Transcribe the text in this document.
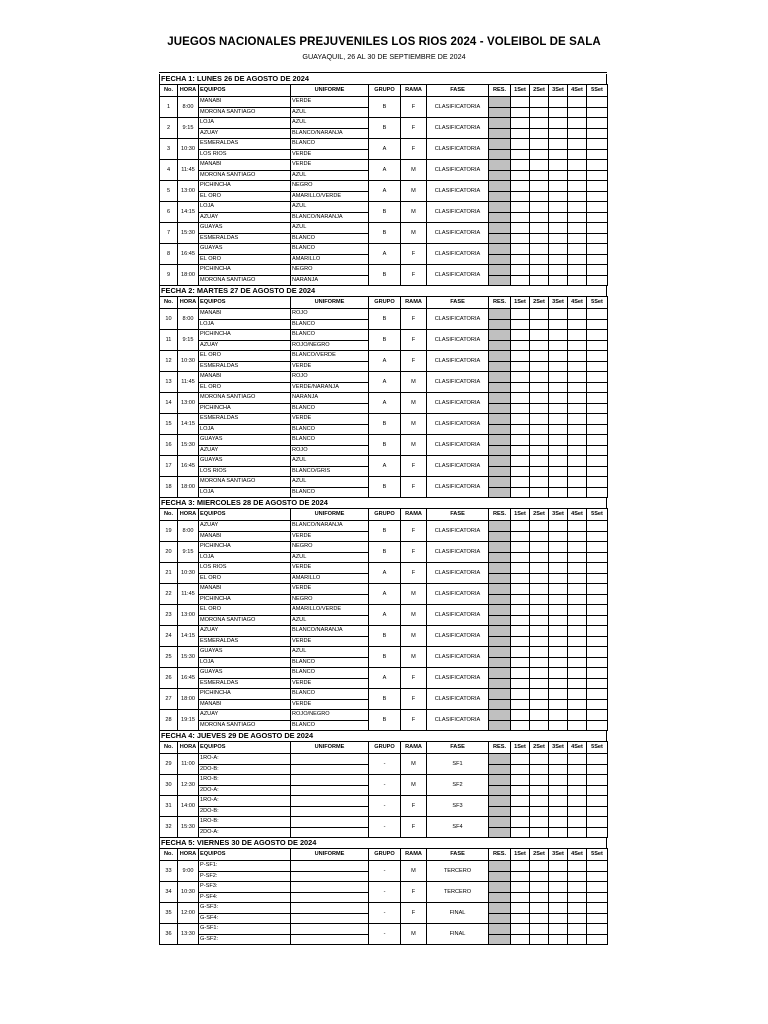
JUEGOS NACIONALES PREJUVENILES LOS RIOS 2024 - VOLEIBOL DE SALA
GUAYAQUIL, 26 AL 30 DE SEPTIEMBRE DE 2024
FECHA 1: LUNES 26 DE AGOSTO DE 2024
No.	HORA	EQUIPOS	UNIFORME	GRUPO	RAMA	FASE	RES.	1Set	2Set	3Set	4Set	5Set
1	8:00	MANABI	VERDE	B	F	CLASIFICATORIA						
		MORONA SANTIAGO	AZUL									
2	9:15	LOJA	AZUL	B	F	CLASIFICATORIA						
		AZUAY	BLANCO/NARANJA									
3	10:30	ESMERALDAS	BLANCO	A	F	CLASIFICATORIA						
		LOS RIOS	VERDE									
4	11:45	MANABI	VERDE	A	M	CLASIFICATORIA						
		MORONA SANTIAGO	AZUL									
5	13:00	PICHINCHA	NEGRO	A	M	CLASIFICATORIA						
		EL ORO	AMARILLO/VERDE									
6	14:15	LOJA	AZUL	B	M	CLASIFICATORIA						
		AZUAY	BLANCO/NARANJA									
7	15:30	GUAYAS	AZUL	B	M	CLASIFICATORIA						
		ESMERALDAS	BLANCO									
8	16:45	GUAYAS	BLANCO	A	F	CLASIFICATORIA						
		EL ORO	AMARILLO									
9	18:00	PICHINCHA	NEGRO	B	F	CLASIFICATORIA						
		MORONA SANTIAGO	NARANJA									
FECHA 2: MARTES 27 DE AGOSTO DE 2024
No.	HORA	EQUIPOS	UNIFORME	GRUPO	RAMA	FASE	RES.	1Set	2Set	3Set	4Set	5Set
10	8:00	MANABI	ROJO	B	F	CLASIFICATORIA						
		LOJA	BLANCO									
11	9:15	PICHINCHA	BLANCO	B	F	CLASIFICATORIA						
		AZUAY	ROJO/NEGRO									
12	10:30	EL ORO	BLANCO/VERDE	A	F	CLASIFICATORIA						
		ESMERALDAS	VERDE									
13	11:45	MANABI	ROJO	A	M	CLASIFICATORIA						
		EL ORO	VERDE/NARANJA									
14	13:00	MORONA SANTIAGO	NARANJA	A	M	CLASIFICATORIA						
		PICHINCHA	BLANCO									
15	14:15	ESMERALDAS	VERDE	B	M	CLASIFICATORIA						
		LOJA	BLANCO									
16	15:30	GUAYAS	BLANCO	B	M	CLASIFICATORIA						
		AZUAY	ROJO									
17	16:45	GUAYAS	AZUL	A	F	CLASIFICATORIA						
		LOS RIOS	BLANCO/GRIS									
18	18:00	MORONA SANTIAGO	AZUL	B	F	CLASIFICATORIA						
		LOJA	BLANCO									
FECHA 3: MIERCOLES 28 DE AGOSTO DE 2024
No.	HORA	EQUIPOS	UNIFORME	GRUPO	RAMA	FASE	RES.	1Set	2Set	3Set	4Set	5Set
19	8:00	AZUAY	BLANCO/NARANJA	B	F	CLASIFICATORIA						
		MANABI	VERDE									
20	9:15	PICHINCHA	NEGRO	B	F	CLASIFICATORIA						
		LOJA	AZUL									
21	10:30	LOS RIOS	VERDE	A	F	CLASIFICATORIA						
		EL ORO	AMARILLO									
22	11:45	MANABI	VERDE	A	M	CLASIFICATORIA						
		PICHINCHA	NEGRO									
23	13:00	EL ORO	AMARILLO/VERDE	A	M	CLASIFICATORIA						
		MORONA SANTIAGO	AZUL									
24	14:15	AZUAY	BLANCO/NARANJA	B	M	CLASIFICATORIA						
		ESMERALDAS	VERDE									
25	15:30	GUAYAS	AZUL	B	M	CLASIFICATORIA						
		LOJA	BLANCO									
26	16:45	GUAYAS	BLANCO	A	F	CLASIFICATORIA						
		ESMERALDAS	VERDE									
27	18:00	PICHINCHA	BLANCO	B	F	CLASIFICATORIA						
		MANABI	VERDE									
28	19:15	AZUAY	ROJO/NEGRO	B	F	CLASIFICATORIA						
		MORONA SANTIAGO	BLANCO									
FECHA 4: JUEVES 29 DE AGOSTO DE 2024
No.	HORA	EQUIPOS	UNIFORME	GRUPO	RAMA	FASE	RES.	1Set	2Set	3Set	4Set	5Set
29	11:00	1RO-A:		-	M	SF1						
		2DO-B:										
30	12:30	1RO-B:		-	M	SF2						
		2DO-A:										
31	14:00	1RO-A:		-	F	SF3						
		2DO-B:										
32	15:30	1RO-B:		-	F	SF4						
		2DO-A:										
FECHA 5: VIERNES 30 DE AGOSTO DE 2024
No.	HORA	EQUIPOS	UNIFORME	GRUPO	RAMA	FASE	RES.	1Set	2Set	3Set	4Set	5Set
33	9:00	P-SF1:		-	M	TERCERO						
		P-SF2:										
34	10:30	P-SF3:		-	F	TERCERO						
		P-SF4:										
35	12:00	G-SF3:		-	F	FINAL						
		G-SF4:										
36	13:30	G-SF1:		-	M	FINAL						
		G-SF2:										
